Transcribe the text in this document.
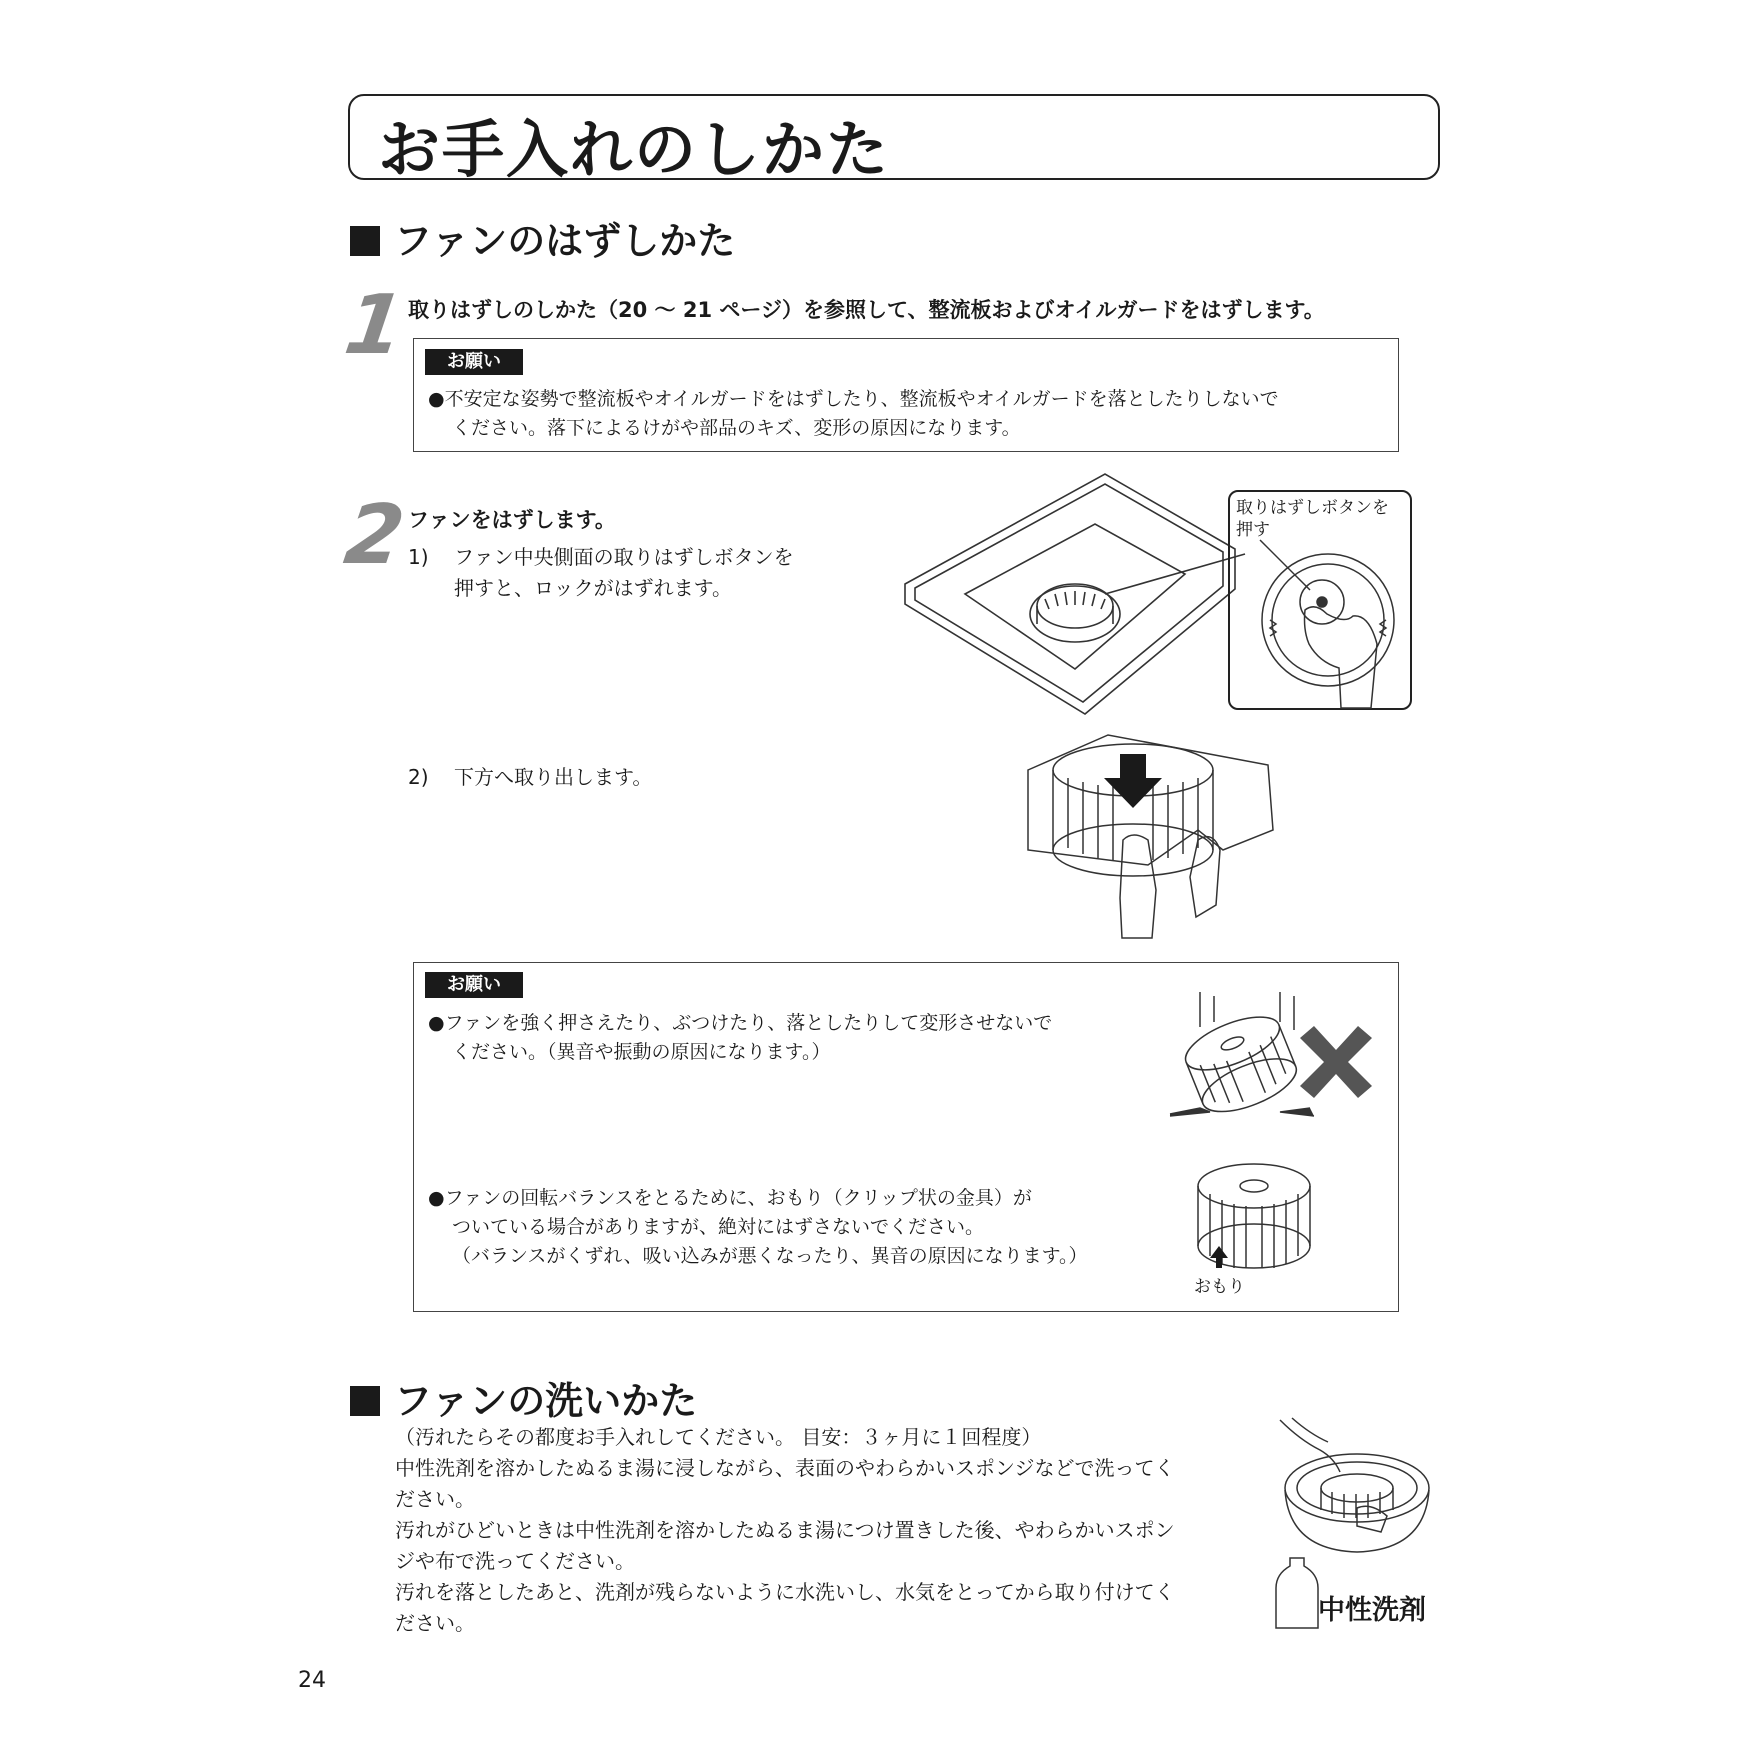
お手入れのしかた
ファンのはずしかた
1
取りはずしのしかた（20 ～ 21 ページ）を参照して、整流板およびオイルガードをはずします。
お願い
●不安定な姿勢で整流板やオイルガードをはずしたり、整流板やオイルガードを落としたりしないで
ください。落下によるけがや部品のキズ、変形の原因になります。
2
ファンをはずします。
1) ファン中央側面の取りはずしボタンを
押すと、ロックがはずれます。
取りはずしボタンを
押す
2) 下方へ取り出します。
お願い
●ファンを強く押さえたり、ぶつけたり、落としたりして変形させないで
ください。（異音や振動の原因になります。）
●ファンの回転バランスをとるために、おもり（クリップ状の金具）が
ついている場合がありますが、絶対にはずさないでください。
（バランスがくずれ、吸い込みが悪くなったり、異音の原因になります。）
おもり
ファンの洗いかた
（汚れたらその都度お手入れしてください。 目安：３ヶ月に１回程度）
中性洗剤を溶かしたぬるま湯に浸しながら、表面のやわらかいスポンジなどで洗ってく
ださい。
汚れがひどいときは中性洗剤を溶かしたぬるま湯につけ置きした後、やわらかいスポン
ジや布で洗ってください。
汚れを落としたあと、洗剤が残らないように水洗いし、水気をとってから取り付けてく
ださい。	中性洗剤
24
